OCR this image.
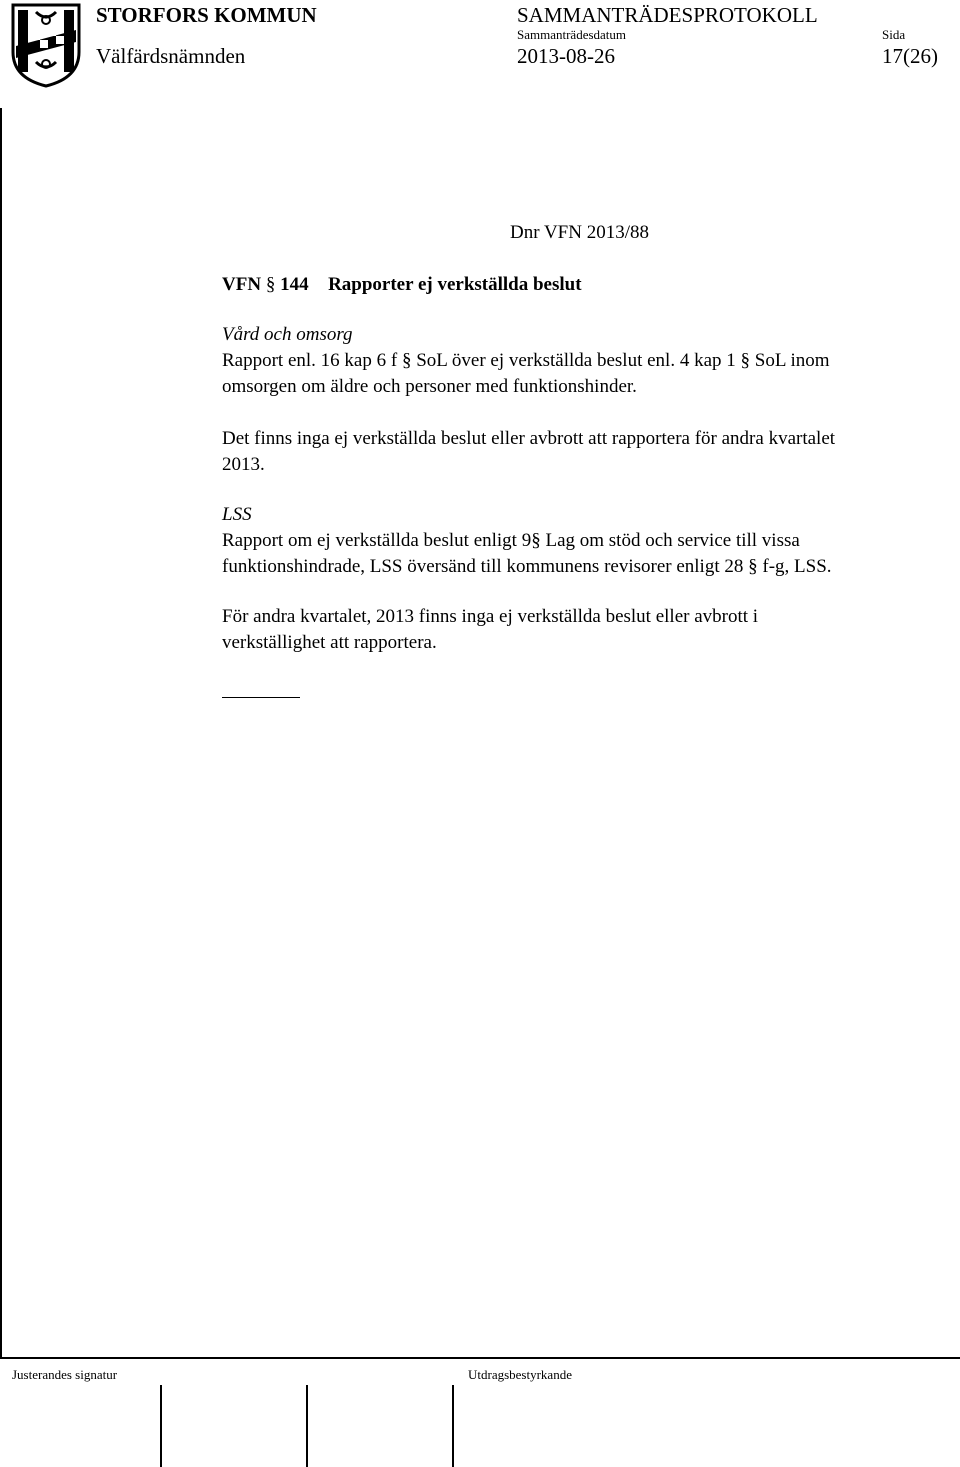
STORFORS KOMMUN	SAMMANTRÄDESPROTOKOLL
Sammanträdesdatum	Sida
Välfärdsnämnden	2013-08-26	17(26)
Dnr VFN 2013/88
VFN § 144 Rapporter ej verkställda beslut
Vård och omsorg
Rapport enl. 16 kap 6 f § SoL över ej verkställda beslut enl. 4 kap 1 § SoL inom
omsorgen om äldre och personer med funktionshinder.
Det finns inga ej verkställda beslut eller avbrott att rapportera för andra kvartalet
2013.
LSS
Rapport om ej verkställda beslut enligt 9§ Lag om stöd och service till vissa
funktionshindrade, LSS översänd till kommunens revisorer enligt 28 § f-g, LSS.
För andra kvartalet, 2013 finns inga ej verkställda beslut eller avbrott i
verkställighet att rapportera.
Justerandes signatur	Utdragsbestyrkande
